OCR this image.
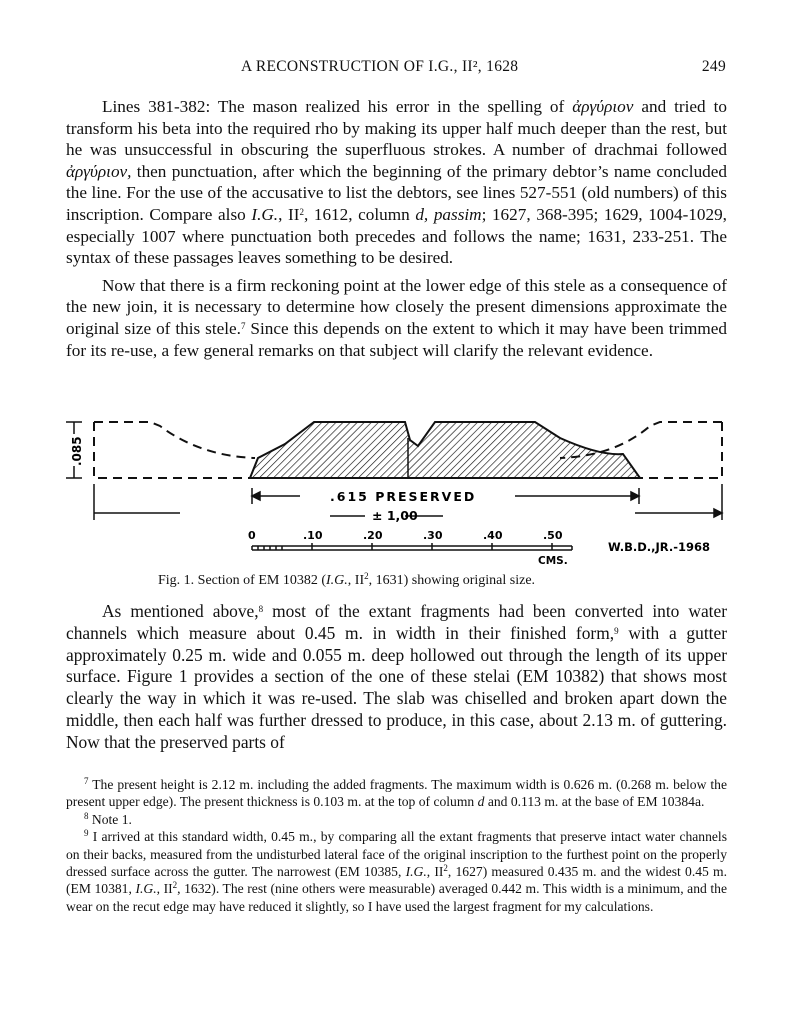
A RECONSTRUCTION OF I.G., II², 1628	249

Lines 381-382: The mason realized his error in the spelling of ἀργύριον and tried to transform his beta into the required rho by making its upper half much deeper than the rest, but he was unsuccessful in obscuring the superfluous strokes. A number of drachmai followed ἀργύριον, then punctuation, after which the beginning of the primary debtor’s name concluded the line. For the use of the accusative to list the debtors, see lines 527-551 (old numbers) of this inscription. Compare also I.G., $II^2$, 1612, column d, passim; 1627, 368-395; 1629, 1004-1029, especially 1007 where punctuation both precedes and follows the name; 1631, 233-251. The syntax of these passages leaves something to be desired.

Now that there is a firm reckoning point at the lower edge of this stele as a consequence of the new join, it is necessary to determine how closely the present dimensions approximate the original size of this stele.$^7$ Since this depends on the extent to which it may have been trimmed for its re-use, a few general remarks on that subject will clarify the relevant evidence.

.085
.615 PRESERVED
± 1,00
0	.10	.20	.30	.40	.50
CMS.
W.B.D.,JR.-1968
Fig. 1. Section of EM 10382 (I.G., $II^2$, 1631) showing original size.

As mentioned above,$^8$ most of the extant fragments had been converted into water channels which measure about 0.45 m. in width in their finished form,$^9$ with a gutter approximately 0.25 m. wide and 0.055 m. deep hollowed out through the length of its upper surface. Figure 1 provides a section of the one of these stelai (EM 10382) that shows most clearly the way in which it was re-used. The slab was chiselled and broken apart down the middle, then each half was further dressed to produce, in this case, about 2.13 m. of guttering. Now that the preserved parts of

$^7$ The present height is 2.12 m. including the added fragments. The maximum width is 0.626 m. (0.268 m. below the present upper edge). The present thickness is 0.103 m. at the top of column d and 0.113 m. at the base of EM 10384a.

$^8$ Note 1.

$^9$ I arrived at this standard width, 0.45 m., by comparing all the extant fragments that preserve intact water channels on their backs, measured from the undisturbed lateral face of the original inscription to the furthest point on the properly dressed surface across the gutter. The narrowest (EM 10385, I.G., $II^2$, 1627) measured 0.435 m. and the widest 0.45 m. (EM 10381, I.G., $II^2$, 1632). The rest (nine others were measurable) averaged 0.442 m. This width is a minimum, and the wear on the recut edge may have reduced it slightly, so I have used the largest fragment for my calculations.
